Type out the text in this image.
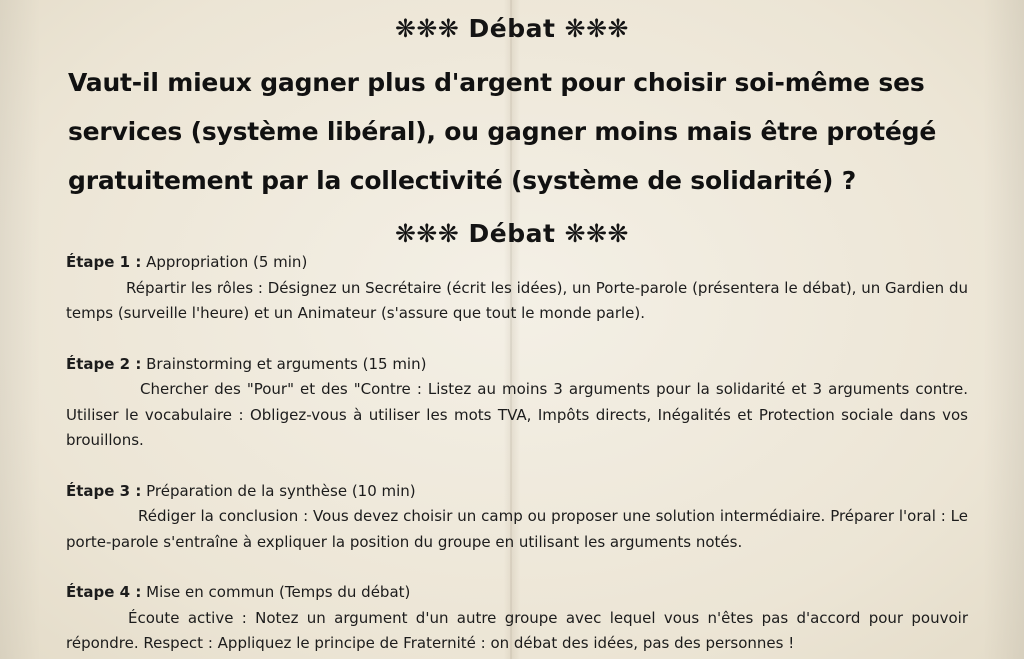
❋❋❋ Débat ❋❋❋
Vaut-il mieux gagner plus d'argent pour choisir soi-même ses services (système libéral), ou gagner moins mais être protégé gratuitement par la collectivité (système de solidarité) ?
❋❋❋ Débat ❋❋❋
Étape 1 : Appropriation (5 min)
Répartir les rôles : Désignez un Secrétaire (écrit les idées), un Porte-parole (présentera le débat), un Gardien du temps (surveille l'heure) et un Animateur (s'assure que tout le monde parle).
Étape 2 : Brainstorming et arguments (15 min)
Chercher des "Pour" et des "Contre : Listez au moins 3 arguments pour la solidarité et 3 arguments contre. Utiliser le vocabulaire : Obligez-vous à utiliser les mots TVA, Impôts directs, Inégalités et Protection sociale dans vos brouillons.
Étape 3 : Préparation de la synthèse (10 min)
Rédiger la conclusion : Vous devez choisir un camp ou proposer une solution intermédiaire. Préparer l'oral : Le porte-parole s'entraîne à expliquer la position du groupe en utilisant les arguments notés.
Étape 4 : Mise en commun (Temps du débat)
Écoute active : Notez un argument d'un autre groupe avec lequel vous n'êtes pas d'accord pour pouvoir répondre. Respect : Appliquez le principe de Fraternité : on débat des idées, pas des personnes !
